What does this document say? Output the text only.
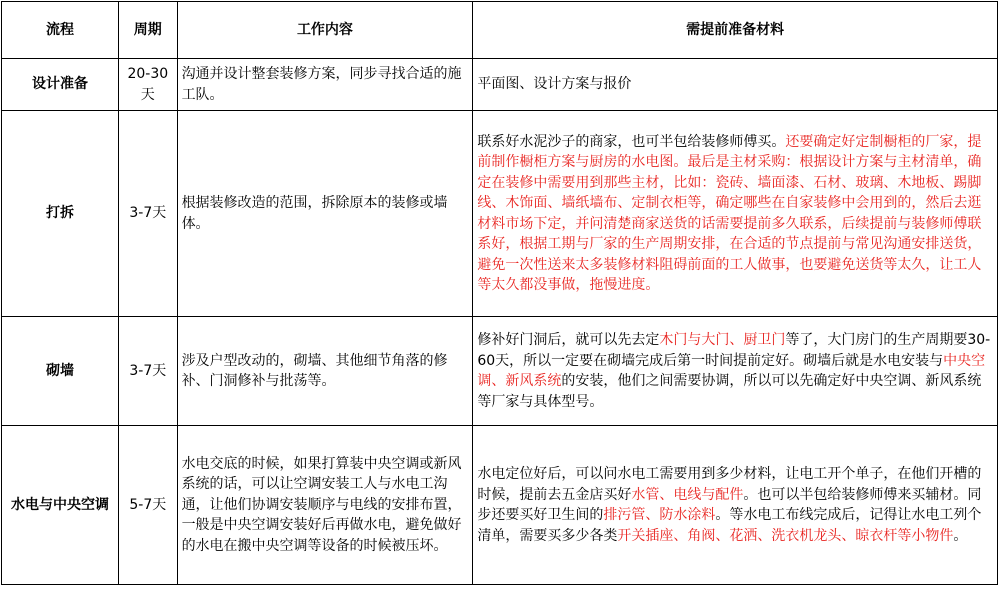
流程	周期	工作内容	需提前准备材料
设计准备	20-30天	沟通并设计整套装修方案，同步寻找合适的施工队。	平面图、设计方案与报价
打拆	3-7天	根据装修改造的范围，拆除原本的装修或墙体。	联系好水泥沙子的商家，也可半包给装修师傅买。还要确定好定制橱柜的厂家，提前制作橱柜方案与厨房的水电图。最后是主材采购：根据设计方案与主材清单，确定在装修中需要用到那些主材，比如：瓷砖、墙面漆、石材、玻璃、木地板、踢脚线、木饰面、墙纸墙布、定制衣柜等，确定哪些在自家装修中会用到的，然后去逛材料市场下定，并问清楚商家送货的话需要提前多久联系，后续提前与装修师傅联系好，根据工期与厂家的生产周期安排，在合适的节点提前与常见沟通安排送货，避免一次性送来太多装修材料阻碍前面的工人做事，也要避免送货等太久，让工人等太久都没事做，拖慢进度。
砌墙	3-7天	涉及户型改动的，砌墙、其他细节角落的修补、门洞修补与批荡等。	修补好门洞后，就可以先去定木门与大门、厨卫门等了，大门房门的生产周期要30-60天，所以一定要在砌墙完成后第一时间提前定好。砌墙后就是水电安装与中央空调、新风系统的安装，他们之间需要协调，所以可以先确定好中央空调、新风系统等厂家与具体型号。
水电与中央空调	5-7天	水电交底的时候，如果打算装中央空调或新风系统的话，可以让空调安装工人与水电工沟通，让他们协调安装顺序与电线的安排布置，一般是中央空调安装好后再做水电，避免做好的水电在搬中央空调等设备的时候被压坏。	水电定位好后，可以问水电工需要用到多少材料，让电工开个单子，在他们开槽的时候，提前去五金店买好水管、电线与配件。也可以半包给装修师傅来买辅材。同步还要买好卫生间的排污管、防水涂料。等水电工布线完成后，记得让水电工列个清单，需要买多少各类开关插座、角阀、花洒、洗衣机龙头、晾衣杆等小物件。
